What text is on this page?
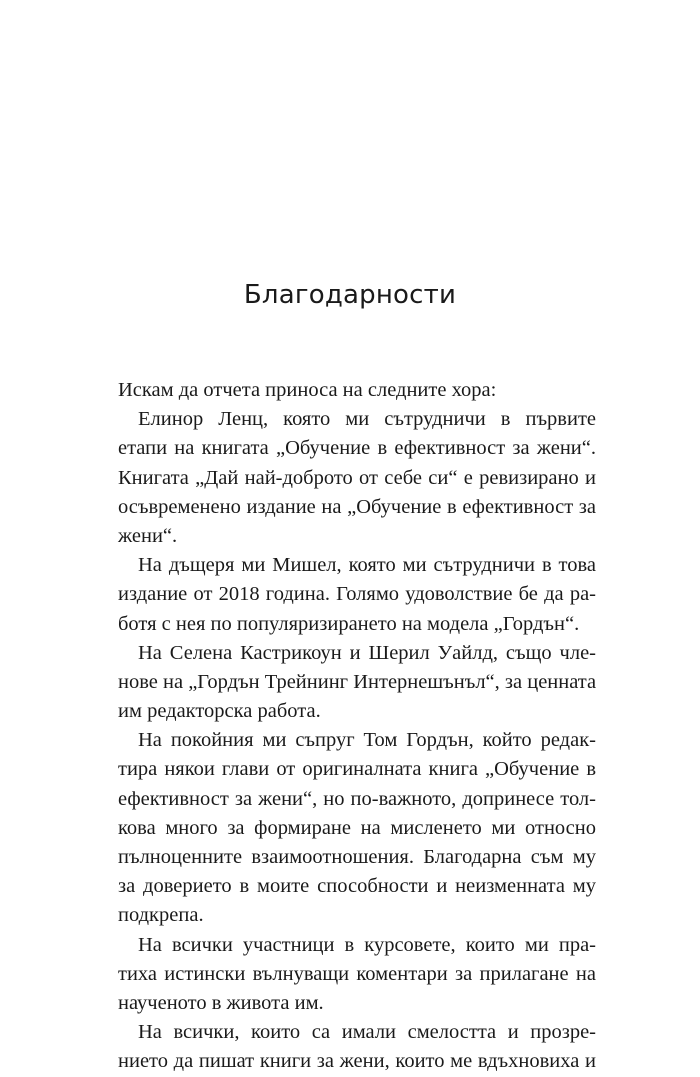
Благодарности
Искам да отчета приноса на следните хора:
Елинор Ленц, която ми сътрудничи в първите
етапи на книгата „Обучение в ефективност за жени“.
Книгата „Дай най-доброто от себе си“ е ревизирано и
осъвременено издание на „Обучение в ефективност за
жени“.
На дъщеря ми Мишел, която ми сътрудничи в това
издание от 2018 година. Голямо удоволствие бе да ра-
ботя с нея по популяризирането на модела „Гордън“.
На Селена Кастрикоун и Шерил Уайлд, също чле-
нове на „Гордън Трейнинг Интернешънъл“, за ценната
им редакторска работа.
На покойния ми съпруг Том Гордън, който редак-
тира някои глави от оригиналната книга „Обучение в
ефективност за жени“, но по-важното, допринесе тол-
кова много за формиране на мисленето ми относно
пълноценните взаимоотношения. Благодарна съм му
за доверието в моите способности и неизменната му
подкрепа.
На всички участници в курсовете, които ми пра-
тиха истински вълнуващи коментари за прилагане на
наученото в живота им.
На всички, които са имали смелостта и прозре-
нието да пишат книги за жени, които ме вдъхновиха и
